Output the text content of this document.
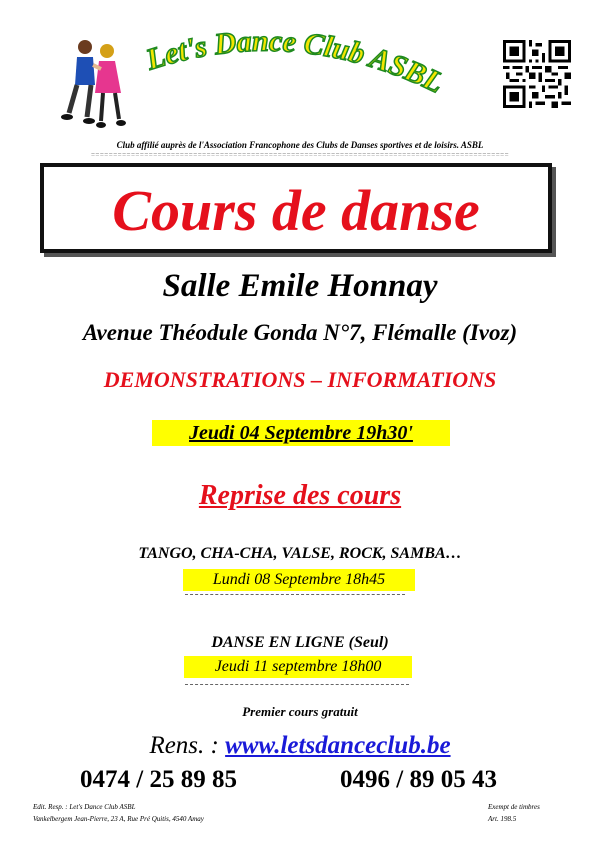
Let's Dance Club ASBL
Club affilié auprès de l'Association Francophone des Clubs de Danses sportives et de loisirs. ASBL
==============================================================================================
Cours de danse
Salle Emile Honnay
Avenue Théodule Gonda N°7, Flémalle (Ivoz)
DEMONSTRATIONS – INFORMATIONS
Jeudi 04 Septembre 19h30'
Reprise des cours
TANGO, CHA-CHA, VALSE, ROCK, SAMBA…
Lundi 08 Septembre 18h45
DANSE EN LIGNE (Seul)
Jeudi 11 septembre 18h00
Premier cours gratuit
Rens. : www.letsdanceclub.be
0474 / 25 89 85	0496 / 89 05 43
Edit. Resp. : Let's Dance Club ASBL
Vankelbergem Jean-Pierre, 23 A, Rue Pré Quitis, 4540 Amay
Exempt de timbres
Art. 198.5
